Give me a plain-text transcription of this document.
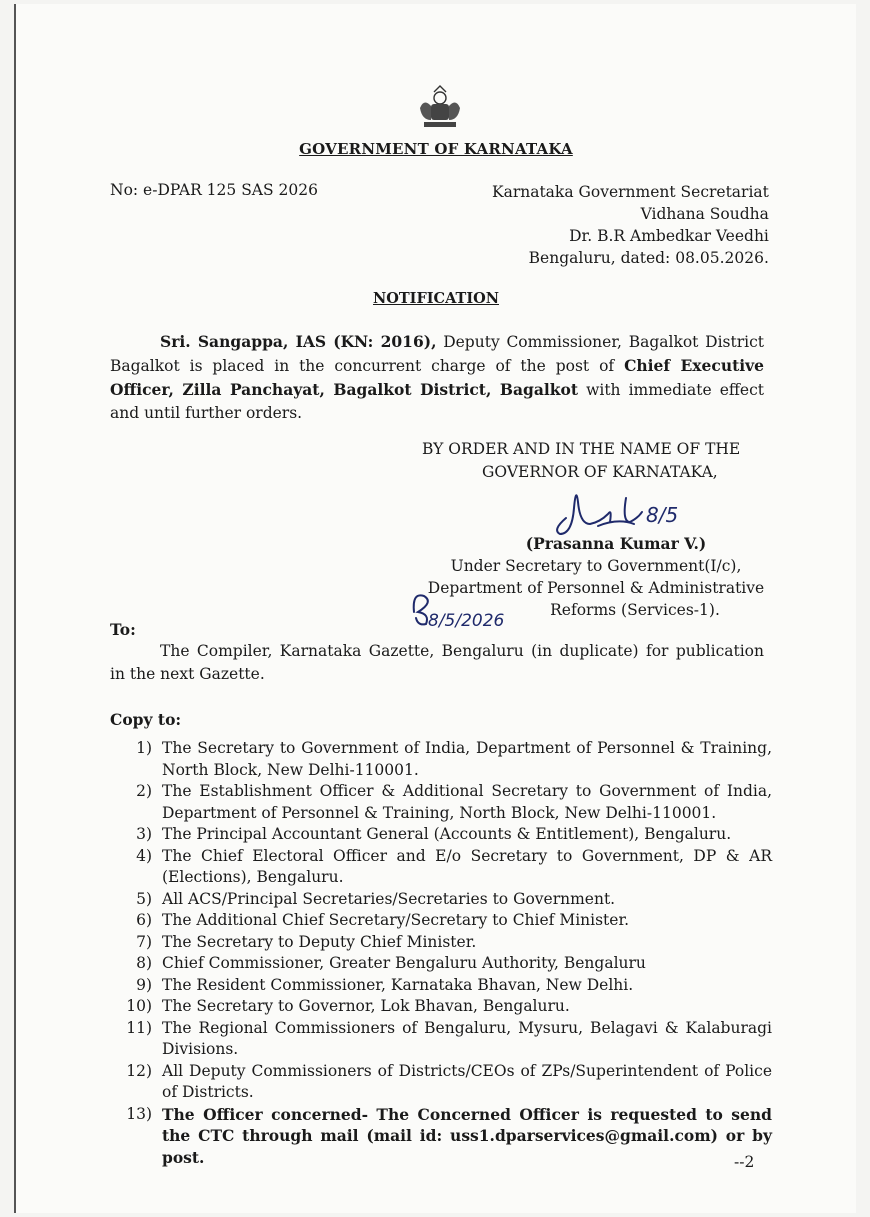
GOVERNMENT OF KARNATAKA
No: e-DPAR 125 SAS 2026	Karnataka Government Secretariat
Vidhana Soudha
Dr. B.R Ambedkar Veedhi
Bengaluru, dated: 08.05.2026.
NOTIFICATION
Sri. Sangappa, IAS (KN: 2016), Deputy Commissioner, Bagalkot District Bagalkot is placed in the concurrent charge of the post of Chief Executive Officer, Zilla Panchayat, Bagalkot District, Bagalkot with immediate effect and until further orders.
BY ORDER AND IN THE NAME OF THE
GOVERNOR OF KARNATAKA,
8/5
(Prasanna Kumar V.)
Under Secretary to Government(I/c),
Department of Personnel & Administrative
Reforms (Services-1).
8/5/2026
To:
The Compiler, Karnataka Gazette, Bengaluru (in duplicate) for publication in the next Gazette.
Copy to:
1) The Secretary to Government of India, Department of Personnel & Training, North Block, New Delhi-110001.
2) The Establishment Officer & Additional Secretary to Government of India, Department of Personnel & Training, North Block, New Delhi-110001.
3) The Principal Accountant General (Accounts & Entitlement), Bengaluru.
4) The Chief Electoral Officer and E/o Secretary to Government, DP & AR (Elections), Bengaluru.
5) All ACS/Principal Secretaries/Secretaries to Government.
6) The Additional Chief Secretary/Secretary to Chief Minister.
7) The Secretary to Deputy Chief Minister.
8) Chief Commissioner, Greater Bengaluru Authority, Bengaluru
9) The Resident Commissioner, Karnataka Bhavan, New Delhi.
10) The Secretary to Governor, Lok Bhavan, Bengaluru.
11) The Regional Commissioners of Bengaluru, Mysuru, Belagavi & Kalaburagi Divisions.
12) All Deputy Commissioners of Districts/CEOs of ZPs/Superintendent of Police of Districts.
13) The Officer concerned- The Concerned Officer is requested to send the CTC through mail (mail id: uss1.dparservices@gmail.com) or by post.	--2
